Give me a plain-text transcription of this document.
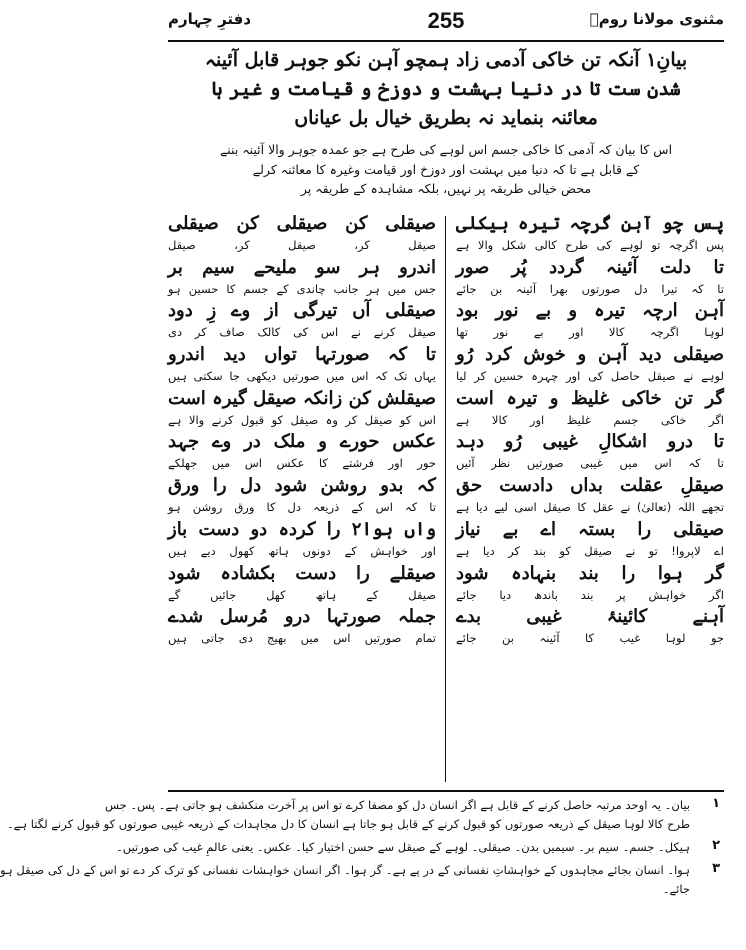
مثنوی مولانا رومؒ
255
دفترِ چہارم
بیانِ۱ آنکہ تن خاکی آدمی زاد ہمچو آہن نکو جوہر قابل آئینہ
شدن ست تا در دنیا بہشت و دوزخ و قیامت و غیر ہا
معائنہ بنماید نہ بطریق خیال بل عیاناں
اس کا بیان کہ آدمی کا خاکی جسم اس لوہے کی طرح ہے جو عمدہ جوہر والا آئینہ بننے
کے قابل ہے تا کہ دنیا میں بہشت اور دوزخ اور قیامت وغیرہ کا معائنہ کرلے
محض خیالی طریقہ پر نہیں، بلکہ مشاہدہ کے طریقہ پر
پس چو آہن گرچہ تیرہ ہیکلی
پس اگرچہ تو لوہے کی طرح کالی شکل والا ہے
تا دلت آئینہ گردد پُر صور
تا کہ تیرا دل صورتوں بھرا آئینہ بن جائے
آہن ارچہ تیرہ و بے نور بود
لوہا اگرچہ کالا اور بے نور تھا
صیقلی دید آہن و خوش کرد رُو
لوہے نے صیقل حاصل کی اور چہرہ حسین کر لیا
گر تن خاکی غلیظ و تیرہ است
اگر خاکی جسم غلیظ اور کالا ہے
تا درو اشکالِ غیبی رُو دہد
تا کہ اس میں غیبی صورتیں نظر آئیں
صیقلِ عقلت بداں دادست حق
تجھے اللہ (تعالیٰ) نے عقل کا صیقل اسی لیے دیا ہے
صیقلی را بستہ اے بے نیاز
اے لاپروا! تو نے صیقل کو بند کر دیا ہے
گر ہوا را بند بنہادہ شود
اگر خواہش پر بند باندھ دیا جائے
آہنے کائینۂ غیبی بدے
جو لوہا غیب کا آئینہ بن جائے
صیقلی کن صیقلی کن صیقلی
صیقل کر، صیقل کر، صیقل
اندرو ہر سو ملیحے سیم بر
جس میں ہر جانب چاندی کے جسم کا حسین ہو
صیقلی آں تیرگی از وے زِ دود
صیقل کرنے نے اس کی کالک صاف کر دی
تا کہ صورتہا تواں دید اندرو
یہاں تک کہ اس میں صورتیں دیکھی جا سکتی ہیں
صیقلش کن زانکہ صیقل گیرہ است
اس کو صیقل کر وہ صیقل کو قبول کرنے والا ہے
عکس حورے و ملک در وے جہد
حور اور فرشتے کا عکس اس میں جھلکے
کہ بدو روشن شود دل را ورق
تا کہ اس کے ذریعہ دل کا ورق روشن ہو
واں ہوا۲ را کردہ دو دست باز
اور خواہش کے دونوں ہاتھ کھول دیے ہیں
صیقلے را دست بکشادہ شود
صیقل کے ہاتھ کھل جائیں گے
جملہ صورتہا درو مُرسل شدے
تمام صورتیں اس میں بھیج دی جاتی ہیں
۱
بیان۔ یہ اوحد مرتبہ حاصل کرنے کے قابل ہے اگر انسان دل کو مصفا کرے تو اس پر آخرت منکشف ہو جاتی ہے۔ پس۔ جس
طرح کالا لوہا صیقل کے ذریعہ صورتوں کو قبول کرنے کے قابل ہو جاتا ہے انسان کا دل مجاہدات کے ذریعہ غیبی صورتوں کو قبول کرنے لگتا ہے۔
۲
ہیکل۔ جسم۔ سیم بر۔ سیمیں بدن۔ صیقلی۔ لوہے کے صیقل سے حسن اختیار کیا۔ عکس۔ یعنی عالمِ غیب کی صورتیں۔
۳
ہوا۔ انسان بجائے مجاہدوں کے خواہشاتِ نفسانی کے در پے ہے۔ گر ہوا۔ اگر انسان خواہشات نفسانی کو ترک کر دے تو اس کے دل کی صیقل ہو
جائے۔
